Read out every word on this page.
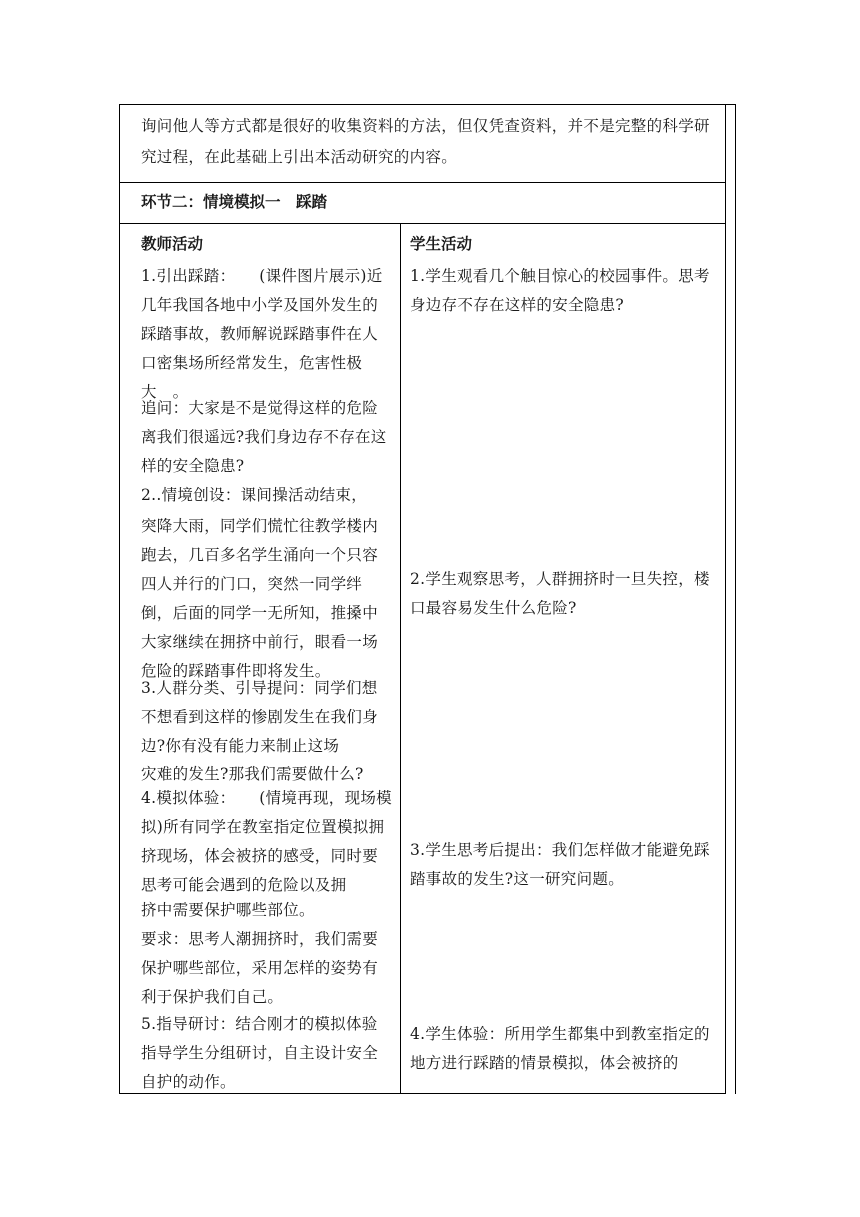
询问他人等方式都是很好的收集资料的方法，但仅凭查资料，并不是完整的科学研究过程，在此基础上引出本活动研究的内容。

环节二：情境模拟一　踩踏

教师活动	学生活动

1.引出踩踏：　　(课件图片展示)近几年我国各地中小学及国外发生的踩踏事故，教师解说踩踏事件在人口密集场所经常发生，危害性极大　。

追问：大家是不是觉得这样的危险离我们很遥远?我们身边存不存在这样的安全隐患?

2..情境创设：课间操活动结束，

突降大雨，同学们慌忙往教学楼内跑去，几百多名学生涌向一个只容四人并行的门口，突然一同学绊倒，后面的同学一无所知，推搡中大家继续在拥挤中前行，眼看一场危险的踩踏事件即将发生。

3.人群分类、引导提问：同学们想不想看到这样的惨剧发生在我们身边?你有没有能力来制止这场

灾难的发生?那我们需要做什么?

4.模拟体验：　　(情境再现，现场模拟)所有同学在教室指定位置模拟拥挤现场，体会被挤的感受，同时要思考可能会遇到的危险以及拥

挤中需要保护哪些部位。

要求：思考人潮拥挤时，我们需要保护哪些部位，采用怎样的姿势有利于保护我们自己。

5.指导研讨：结合刚才的模拟体验指导学生分组研讨，自主设计安全自护的动作。

1.学生观看几个触目惊心的校园事件。思考身边存不存在这样的安全隐患?

2.学生观察思考，人群拥挤时一旦失控，楼口最容易发生什么危险?

3.学生思考后提出：我们怎样做才能避免踩踏事故的发生?这一研究问题。

4.学生体验：所用学生都集中到教室指定的地方进行踩踏的情景模拟，体会被挤的
